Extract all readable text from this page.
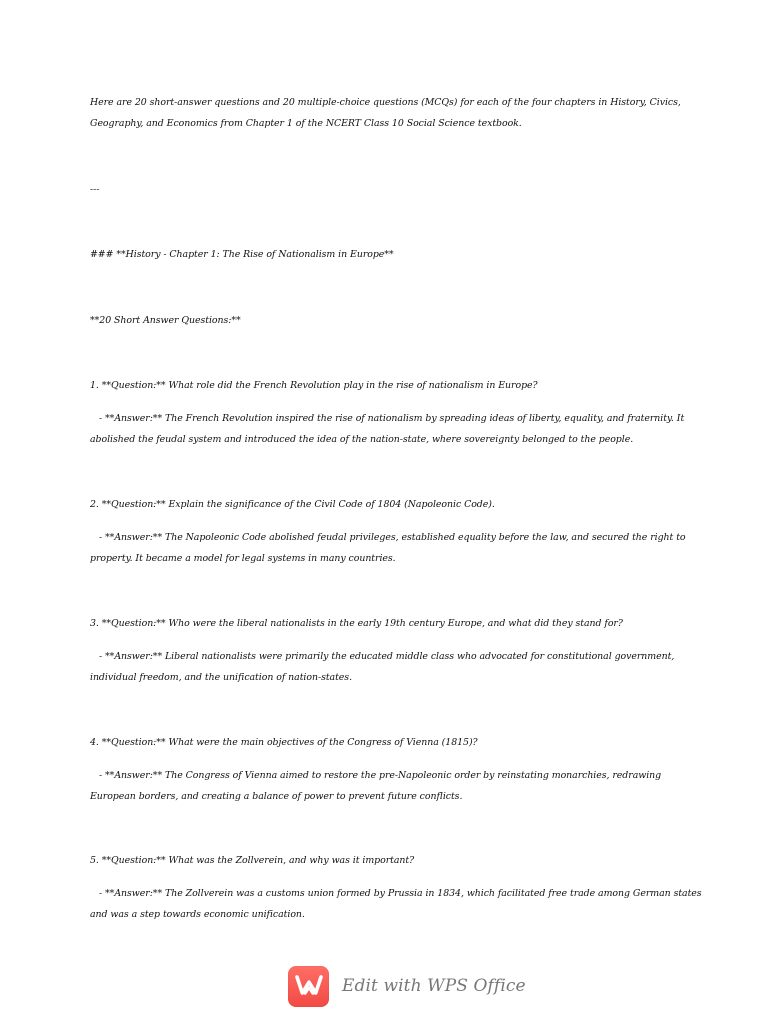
Here are 20 short-answer questions and 20 multiple-choice questions (MCQs) for each of the four chapters in History, Civics,
Geography, and Economics from Chapter 1 of the NCERT Class 10 Social Science textbook.
---
### **History - Chapter 1: The Rise of Nationalism in Europe**
**20 Short Answer Questions:**
1. **Question:** What role did the French Revolution play in the rise of nationalism in Europe?
- **Answer:** The French Revolution inspired the rise of nationalism by spreading ideas of liberty, equality, and fraternity. It
abolished the feudal system and introduced the idea of the nation-state, where sovereignty belonged to the people.
2. **Question:** Explain the significance of the Civil Code of 1804 (Napoleonic Code).
- **Answer:** The Napoleonic Code abolished feudal privileges, established equality before the law, and secured the right to
property. It became a model for legal systems in many countries.
3. **Question:** Who were the liberal nationalists in the early 19th century Europe, and what did they stand for?
- **Answer:** Liberal nationalists were primarily the educated middle class who advocated for constitutional government,
individual freedom, and the unification of nation-states.
4. **Question:** What were the main objectives of the Congress of Vienna (1815)?
- **Answer:** The Congress of Vienna aimed to restore the pre-Napoleonic order by reinstating monarchies, redrawing
European borders, and creating a balance of power to prevent future conflicts.
5. **Question:** What was the Zollverein, and why was it important?
- **Answer:** The Zollverein was a customs union formed by Prussia in 1834, which facilitated free trade among German states
and was a step towards economic unification.
Edit with WPS Office
